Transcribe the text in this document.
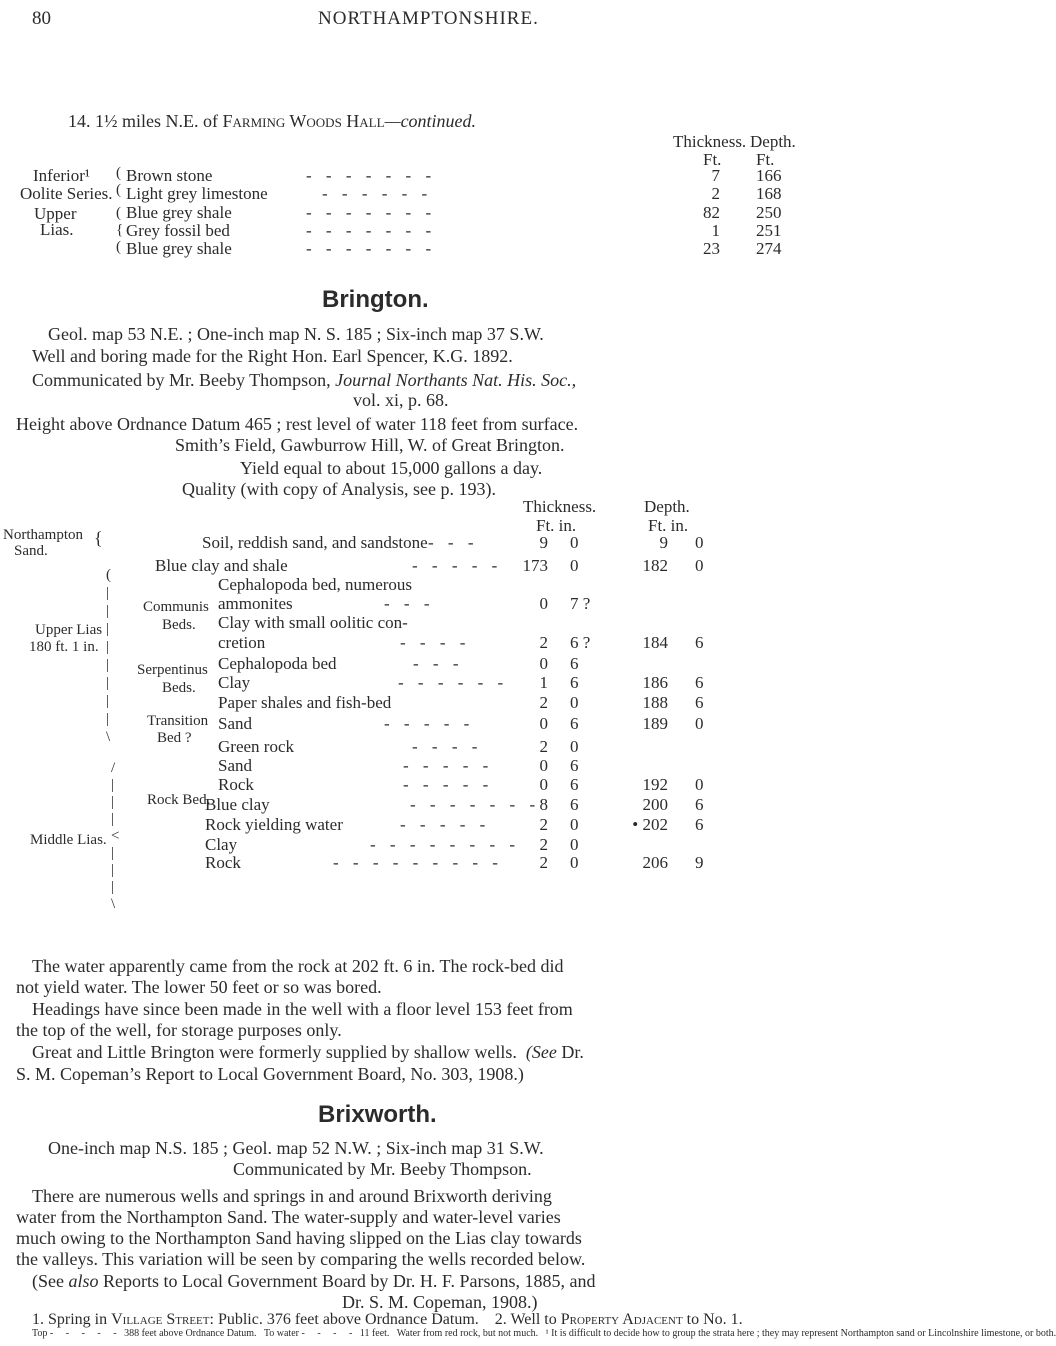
80	NORTHAMPTONSHIRE.
14. 1½ miles N.E. of Farming Woods Hall—continued.
Thickness. Depth.
Ft. Ft.
Inferior¹
Oolite Series.
Upper
Lias.
(
(
(
{
(
Brown stone	- - - - - - -	7 166
Light grey limestone	- - - - - -	2 168
Blue grey shale	- - - - - - -	82 250
Grey fossil bed	- - - - - - -	1 251
Blue grey shale	- - - - - - -	23 274
Brington.
Geol. map 53 N.E. ; One-inch map N. S. 185 ; Six-inch map 37 S.W.
Well and boring made for the Right Hon. Earl Spencer, K.G. 1892.
Communicated by Mr. Beeby Thompson, Journal Northants Nat. His. Soc.,
vol. xi, p. 68.
Height above Ordnance Datum 465 ; rest level of water 118 feet from surface.
Smith’s Field, Gawburrow Hill, W. of Great Brington.
Yield equal to about 15,000 gallons a day.
Quality (with copy of Analysis, see p. 193).
Thickness.	Depth.
Ft. in.	Ft. in.
Northampton
Sand.
{
Upper Lias
180 ft. 1 in.
(
|
|
|
|
|
|
|
|
\
Communis
Beds.
Serpentinus
Beds.
Transition
Bed ?
Rock Bed.
Middle Lias.
/
|
|
|
<
|
|
|
\
Soil, reddish sand, and sandstone - - -	9 0	9 0
Blue clay and shale	- - - - -	173 0	182 0
Cephalopoda bed, numerous
ammonites	- - -	0 7 ?
Clay with small oolitic con-
cretion	- - - -	2 6 ?	184 6
Cephalopoda bed	- - -	0 6
Clay	- - - - - -	1 6	186 6
Paper shales and fish-bed	2 0	188 6
Sand	- - - - -	0 6	189 0
Green rock	- - - -	2 0
Sand	- - - - -	0 6
Rock	- - - - -	0 6	192 0
Blue clay	- - - - - - - 8 6	200 6
Rock yielding water	- - - - -	2 0	• 202 6
Clay	- - - - - - - -	2 0
Rock	- - - - - - - - -	2 0	206 9
The water apparently came from the rock at 202 ft. 6 in. The rock-bed did
not yield water. The lower 50 feet or so was bored.
Headings have since been made in the well with a floor level 153 feet from
the top of the well, for storage purposes only.
Great and Little Brington were formerly supplied by shallow wells. (See Dr.
S. M. Copeman’s Report to Local Government Board, No. 303, 1908.)
Brixworth.
One-inch map N.S. 185 ; Geol. map 52 N.W. ; Six-inch map 31 S.W.
Communicated by Mr. Beeby Thompson.
There are numerous wells and springs in and around Brixworth deriving
water from the Northampton Sand. The water-supply and water-level varies
much owing to the Northampton Sand having slipped on the Lias clay towards
the valleys. This variation will be seen by comparing the wells recorded below.
(See also Reports to Local Government Board by Dr. H. F. Parsons, 1885, and
Dr. S. M. Copeman, 1908.)
1. Spring in Village Street: Public. 376 feet above Ordnance Datum. 2. Well to Property Adjacent to No. 1.
Top - - - - - 388 feet above Ordnance Datum. To water - - - - 11 feet. Water from red rock, but not much. ¹ It is difficult to decide how to group the strata here ; they may represent Northampton sand or Lincolnshire limestone, or both.
